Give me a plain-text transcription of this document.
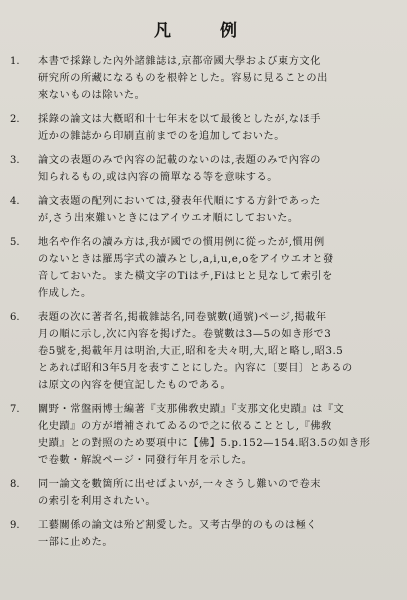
凡　例
1.	本書で採錄した內外諸雜誌は,京都帝國大學および東方文化
研究所の所藏になるものを根幹とした。容易に見ることの出
來ないものは除いた。
2.	採錄の論文は大槪昭和十七年末を以て最後としたが,なほ手
近かの雜誌から印刷直前までのを追加しておいた。
3.	論文の表題のみで內容の記載のないのは,表題のみで內容の
知られるもの,或は內容の簡單なる等を意味する。
4.	論文表題の配列においては,發表年代順にする方針であった
が,さう出來難いときにはアイウエオ順にしておいた。
5.	地名や作名の讀み方は,我が國での慣用例に從ったが,慣用例
のないときは羅馬字式の讀みとし,a,i,u,e,oをアイウエオと發
音しておいた。また橫文字のTiはチ,Fiはヒと見なして索引を
作成した。
6.	表題の次に著者名,掲載雜誌名,同卷號數(通號)ページ,掲載年
月の順に示し,次に內容を掲げた。卷號數は3—5の如き形で3
卷5號を,掲載年月は明治,大正,昭和を夫々明,大,昭と略し,昭3.5
とあれば昭和3年5月を表すことにした。內容に〔要目〕とあるの
は原文の內容を便宜記したものである。
7.	關野・常盤兩博士編著『支那佛敎史蹟』『支那文化史蹟』は『文
化史蹟』の方が增補されてゐるので之に依ることとし,『佛敎
史蹟』との對照のため要項中に【佛】5.p.152—154.昭3.5の如き形
で卷數・解說ページ・同發行年月を示した。
8.	同一論文を數箇所に出せばよいが,一々さうし難いので卷末
の索引を利用されたい。
9.	工藝關係の論文は殆ど割愛した。又考古學的のものは極く
一部に止めた。
